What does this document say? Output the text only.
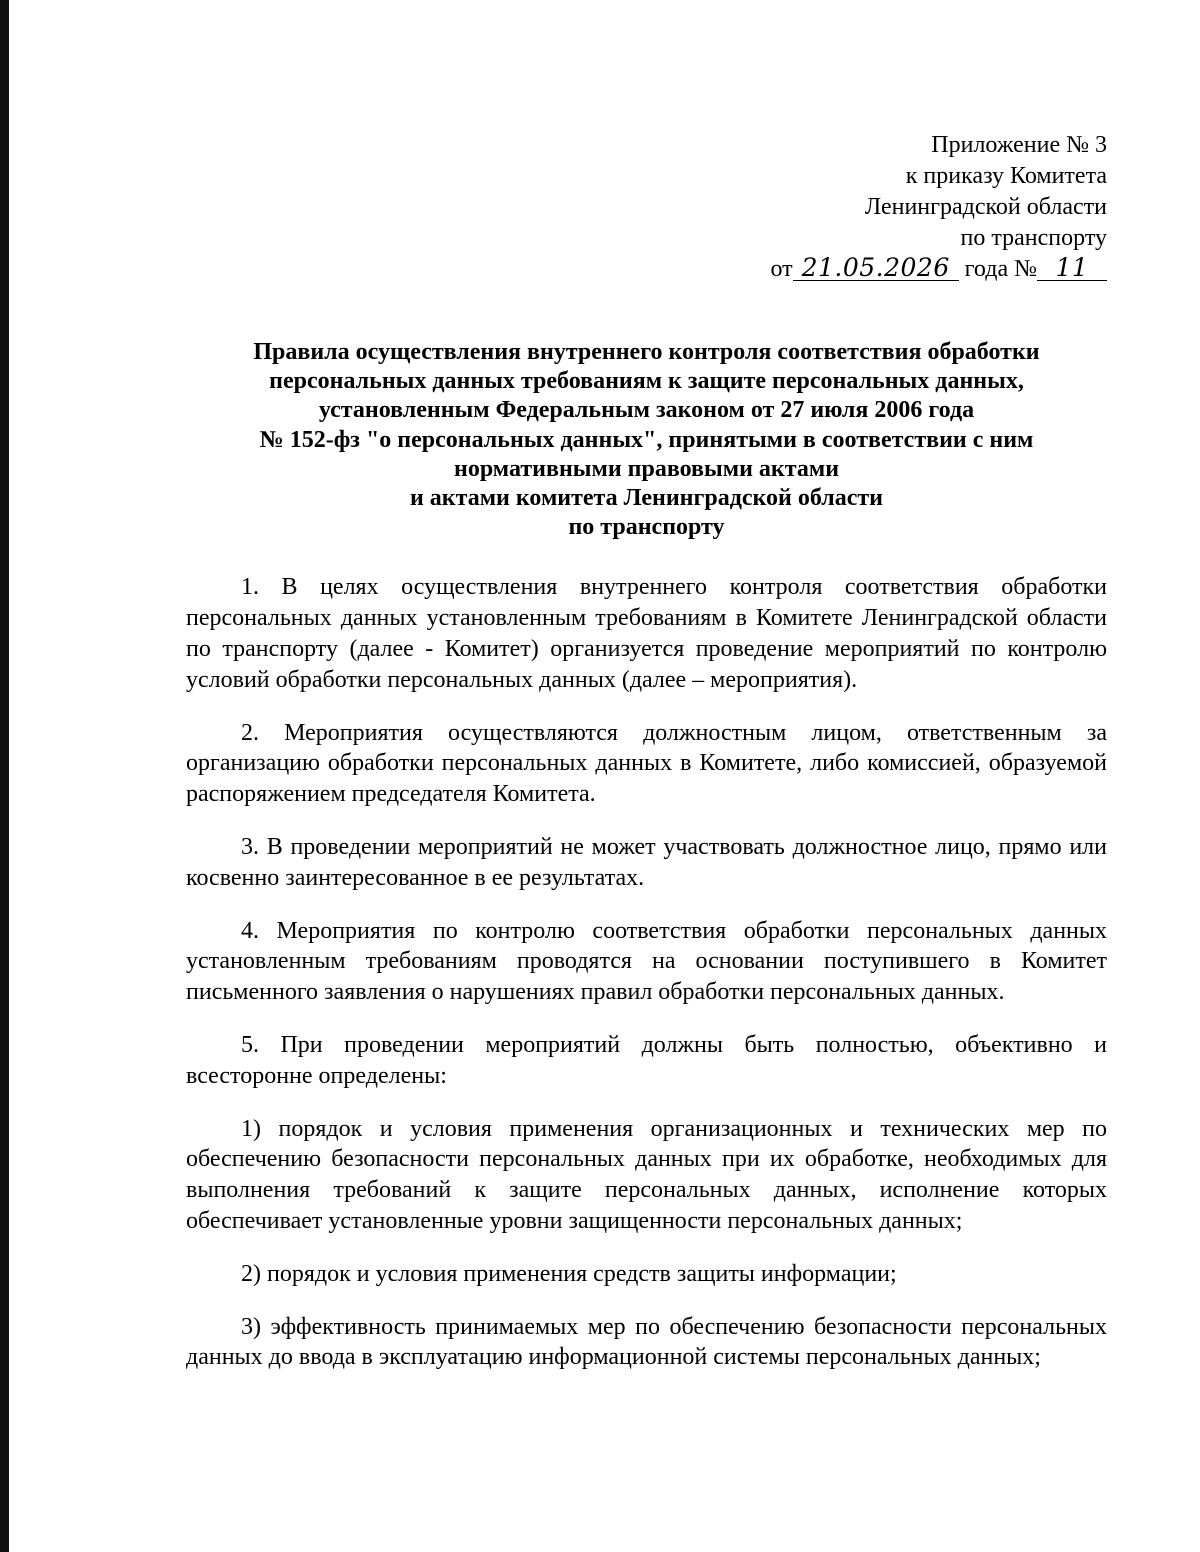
Приложение № 3
к приказу Комитета
Ленинградской области
по транспорту
от 21.05.2026 года № 11
Правила осуществления внутреннего контроля соответствия обработки
персональных данных требованиям к защите персональных данных,
установленным Федеральным законом от 27 июля 2006 года
№ 152-фз "о персональных данных", принятыми в соответствии с ним
нормативными правовыми актами
и актами комитета Ленинградской области
по транспорту

1. В целях осуществления внутреннего контроля соответствия обработки персональных данных установленным требованиям в Комитете Ленинградской области по транспорту (далее - Комитет) организуется проведение мероприятий по контролю условий обработки персональных данных (далее – мероприятия).

2. Мероприятия осуществляются должностным лицом, ответственным за организацию обработки персональных данных в Комитете, либо комиссией, образуемой распоряжением председателя Комитета.

3. В проведении мероприятий не может участвовать должностное лицо, прямо или косвенно заинтересованное в ее результатах.

4. Мероприятия по контролю соответствия обработки персональных данных установленным требованиям проводятся на основании поступившего в Комитет письменного заявления о нарушениях правил обработки персональных данных.

5. При проведении мероприятий должны быть полностью, объективно и всесторонне определены:

1) порядок и условия применения организационных и технических мер по обеспечению безопасности персональных данных при их обработке, необходимых для выполнения требований к защите персональных данных, исполнение которых обеспечивает установленные уровни защищенности персональных данных;

2) порядок и условия применения средств защиты информации;

3) эффективность принимаемых мер по обеспечению безопасности персональных данных до ввода в эксплуатацию информационной системы персональных данных;
